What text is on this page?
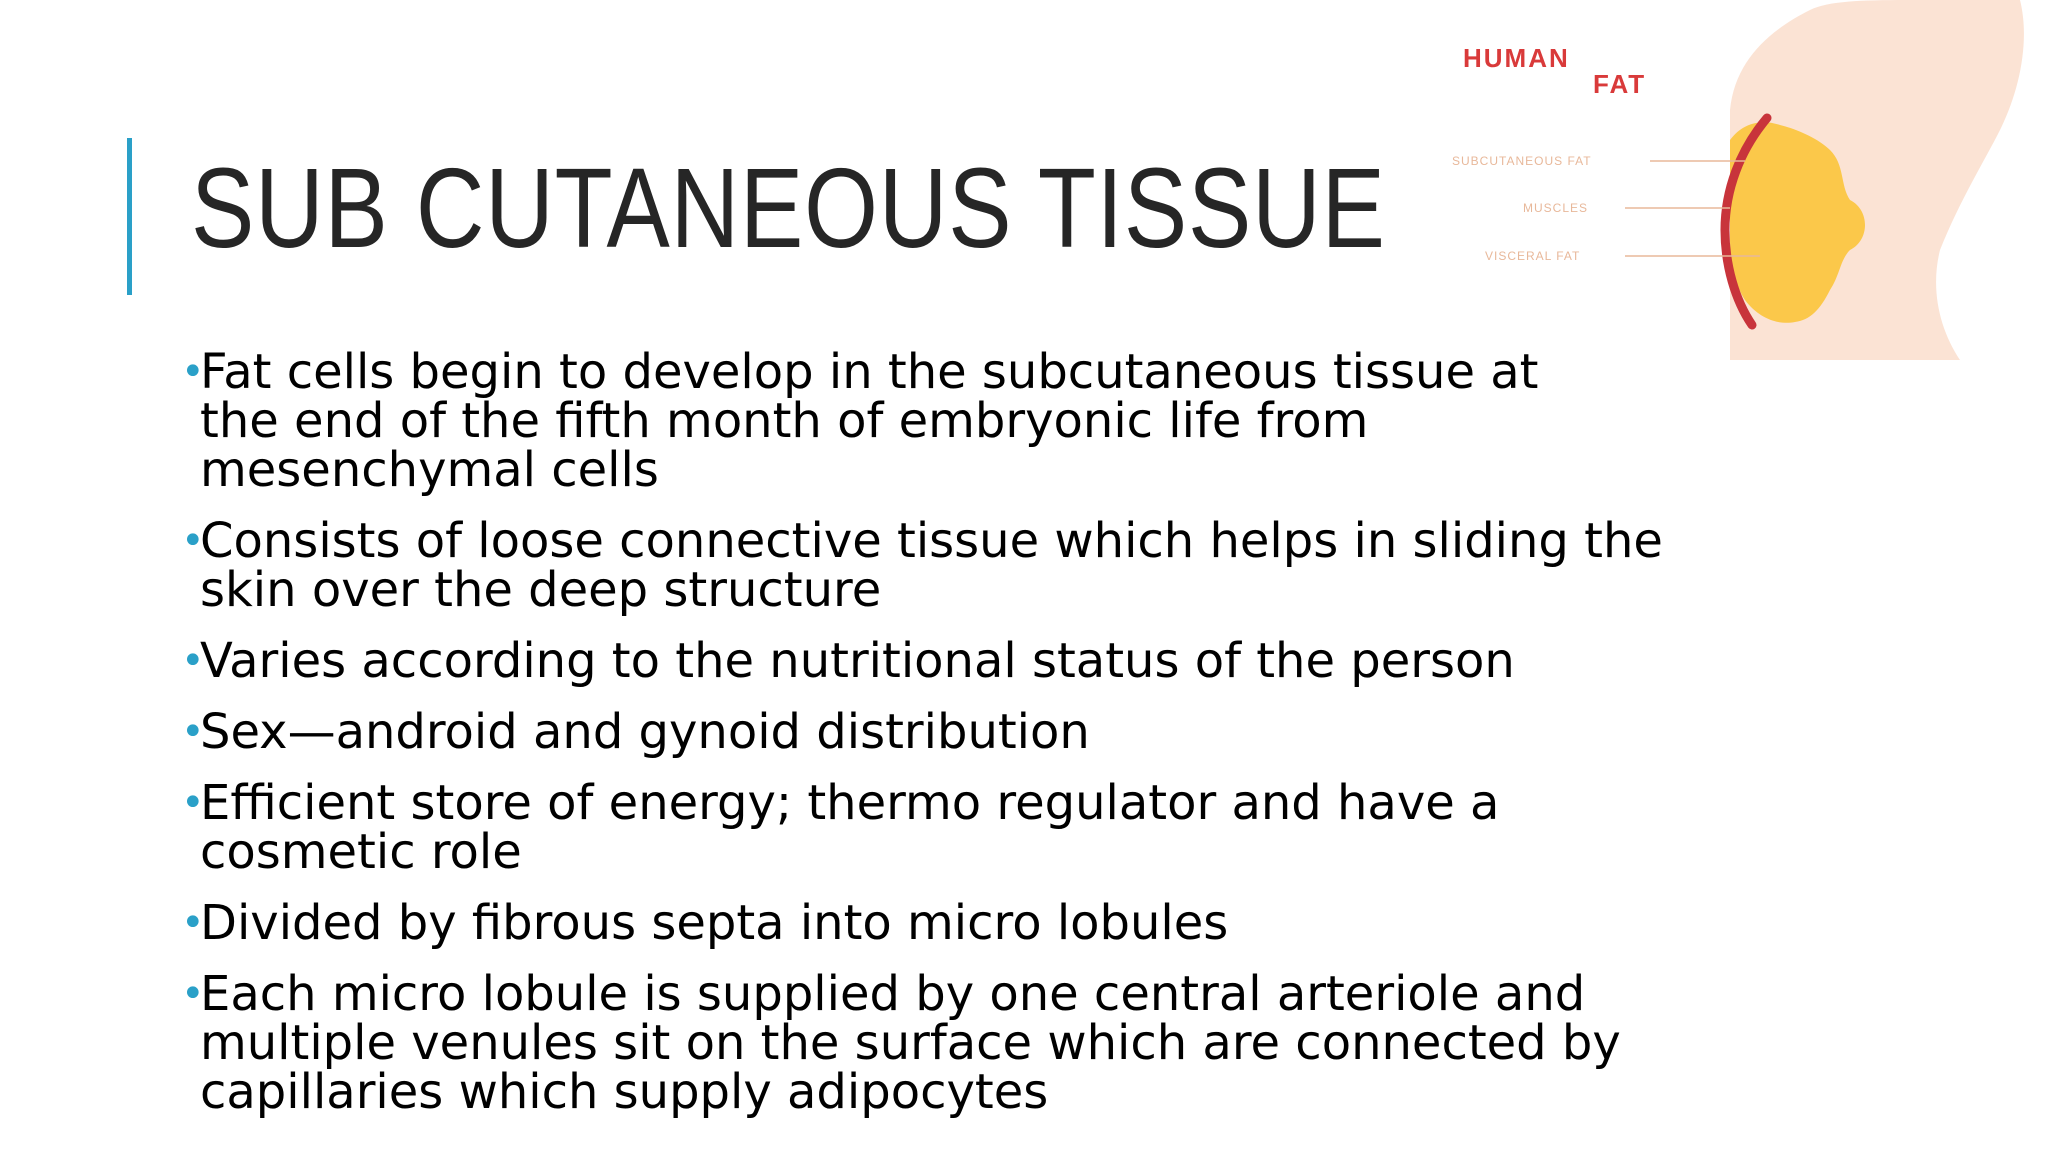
SUB CUTANEOUS TISSUE
•
Fat cells begin to develop in the subcutaneous tissue at the end of the fifth month of embryonic life from mesenchymal cells
•
Consists of loose connective tissue which helps in sliding the skin over the deep structure
•
Varies according to the nutritional status of the person
•
Sex—android and gynoid distribution
•
Efficient store of energy; thermo regulator and have a cosmetic role
•
Divided by fibrous septa into micro lobules
•
Each micro lobule is supplied by one central arteriole and multiple venules sit on the surface which are connected by capillaries which supply adipocytes
HUMAN
FAT
SUBCUTANEOUS FAT
MUSCLES
VISCERAL FAT
